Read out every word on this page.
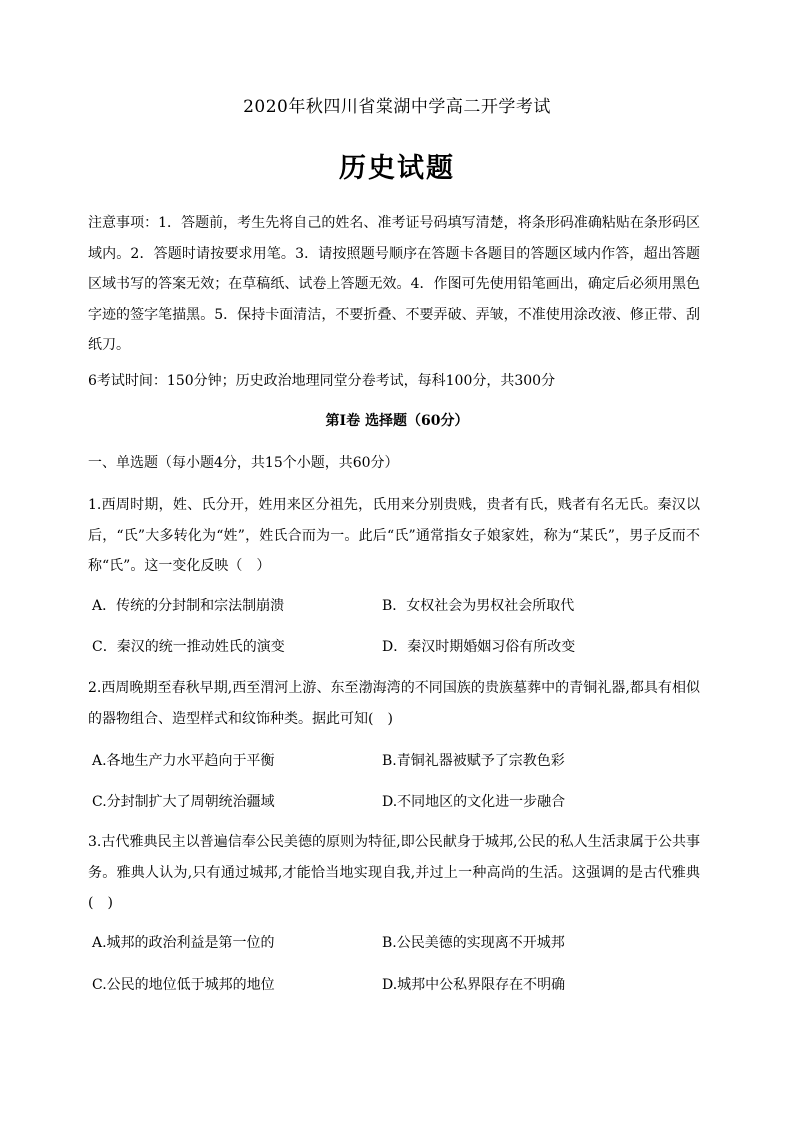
2020年秋四川省棠湖中学高二开学考试
历史试题
注意事项：1．答题前，考生先将自己的姓名、准考证号码填写清楚，将条形码准确粘贴在条形码区域内。2．答题时请按要求用笔。3．请按照题号顺序在答题卡各题目的答题区域内作答，超出答题区域书写的答案无效；在草稿纸、试卷上答题无效。4．作图可先使用铅笔画出，确定后必须用黑色字迹的签字笔描黑。5．保持卡面清洁，不要折叠、不要弄破、弄皱，不准使用涂改液、修正带、刮纸刀。
6考试时间：150分钟；历史政治地理同堂分卷考试，每科100分，共300分
第I卷 选择题（60分）
一、单选题（每小题4分，共15个小题，共60分）
1.西周时期，姓、氏分开，姓用来区分祖先，氏用来分别贵贱，贵者有氏，贱者有名无氏。秦汉以后，“氏”大多转化为“姓”，姓氏合而为一。此后“氏”通常指女子娘家姓，称为“某氏”，男子反而不称“氏”。这一变化反映（　）
A．传统的分封制和宗法制崩溃	B．女权社会为男权社会所取代
C．秦汉的统一推动姓氏的演变	D．秦汉时期婚姻习俗有所改变
2.西周晚期至春秋早期,西至渭河上游、东至渤海湾的不同国族的贵族墓葬中的青铜礼器,都具有相似的器物组合、造型样式和纹饰种类。据此可知(　)
A.各地生产力水平趋向于平衡	B.青铜礼器被赋予了宗教色彩
C.分封制扩大了周朝统治疆域	D.不同地区的文化进一步融合
3.古代雅典民主以普遍信奉公民美德的原则为特征,即公民献身于城邦,公民的私人生活隶属于公共事务。雅典人认为,只有通过城邦,才能恰当地实现自我,并过上一种高尚的生活。这强调的是古代雅典(　)
A.城邦的政治利益是第一位的	B.公民美德的实现离不开城邦
C.公民的地位低于城邦的地位	D.城邦中公私界限存在不明确
